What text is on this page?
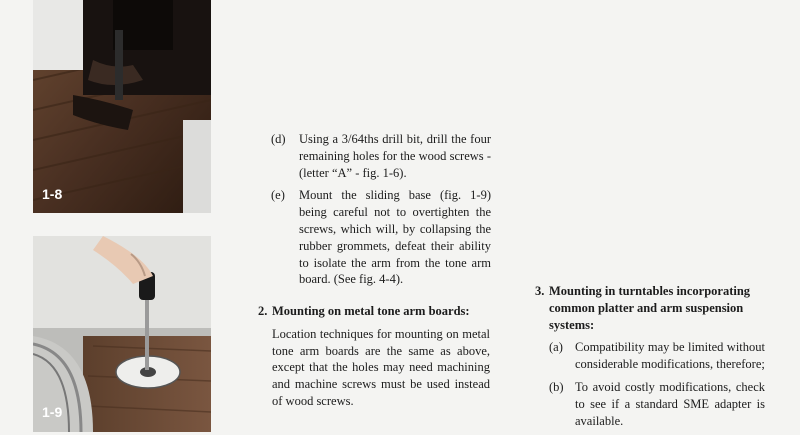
1-8
1-9
(d)	Using a 3/64ths drill bit, drill the four remaining holes for the wood screws - (letter “A” - fig. 1-6).
(e)	Mount the sliding base (fig. 1-9) being careful not to overtighten the screws, which will, by collapsing the rubber grommets, defeat their ability to isolate the arm from the tone arm board. (See fig. 4-4).
2. Mounting on metal tone arm boards:
Location techniques for mounting on metal tone arm boards are the same as above, except that the holes may need machining and machine screws must be used instead of wood screws.
3. Mounting in turntables incorporating common platter and arm suspension systems:
(a) Compatibility may be limited without considerable modifications, therefore;
(b) To avoid costly modifications, check to see if a standard SME adapter is available.
